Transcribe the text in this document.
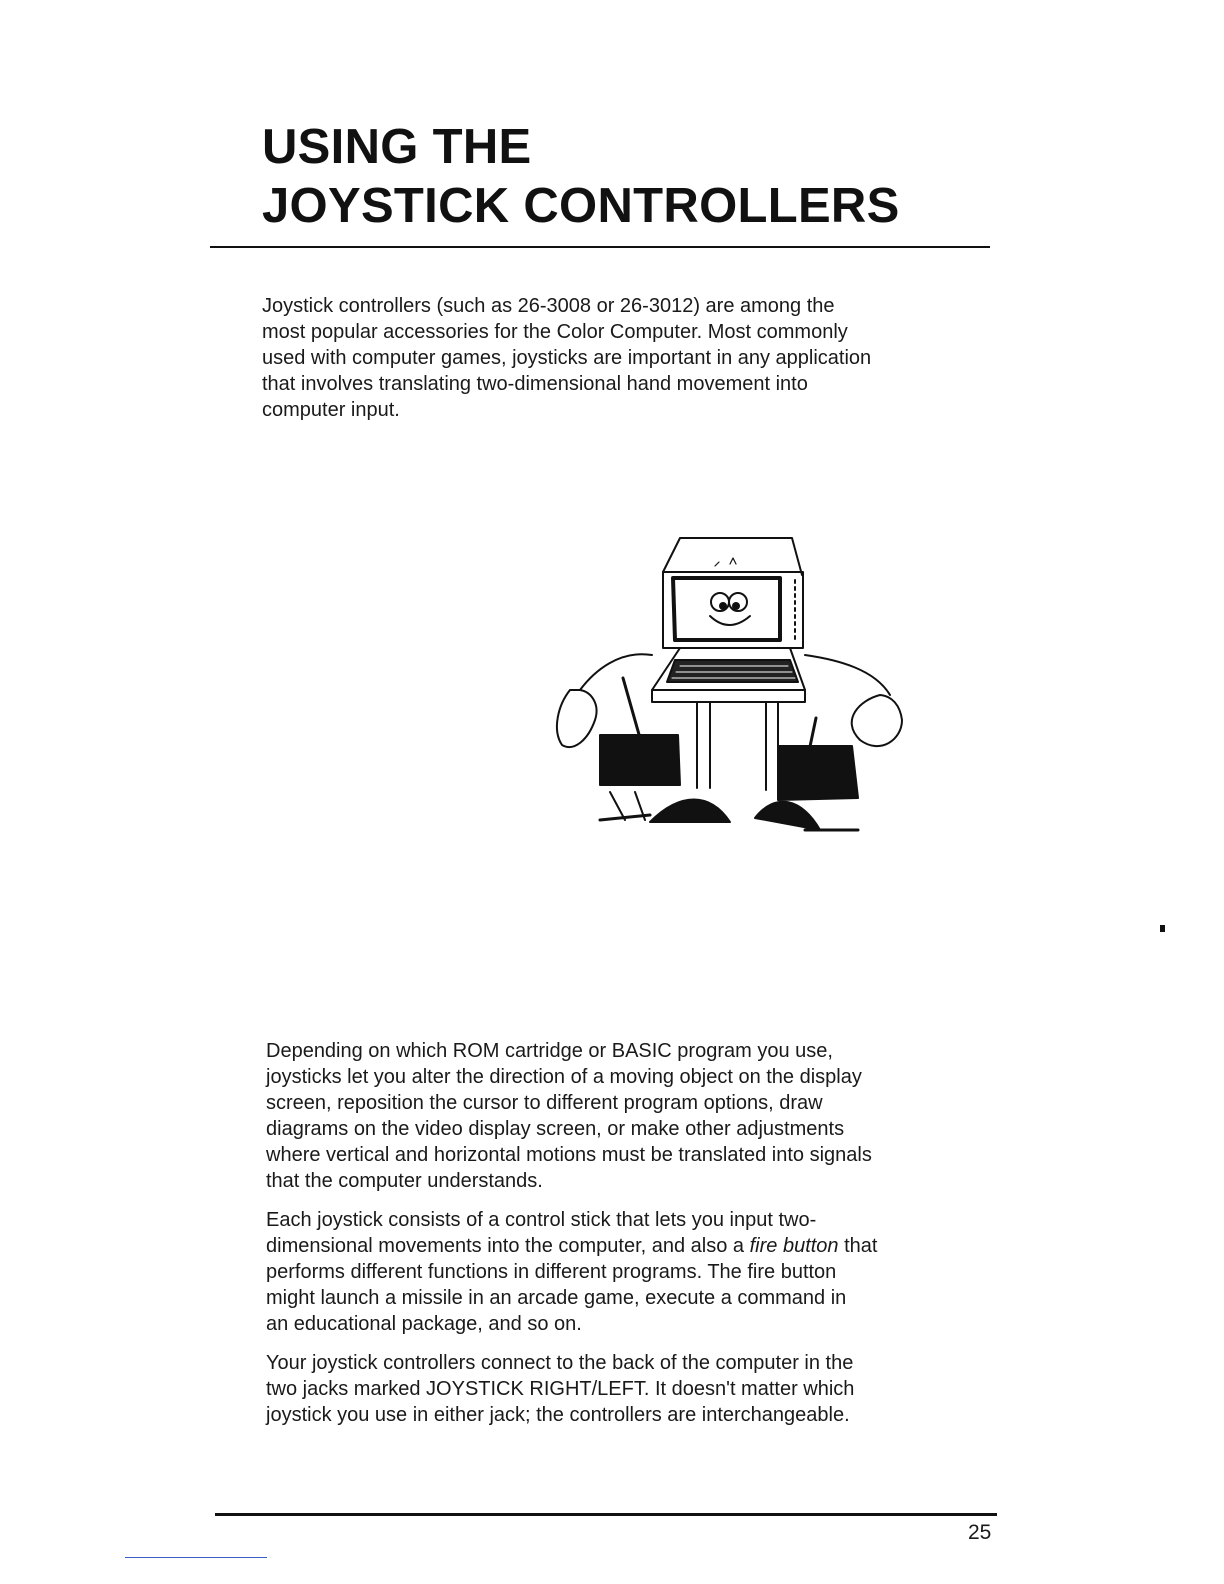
USING THE
JOYSTICK CONTROLLERS

Joystick controllers (such as 26-3008 or 26-3012) are among the
most popular accessories for the Color Computer. Most commonly
used with computer games, joysticks are important in any application
that involves translating two-dimensional hand movement into
computer input.

Depending on which ROM cartridge or BASIC program you use,
joysticks let you alter the direction of a moving object on the display
screen, reposition the cursor to different program options, draw
diagrams on the video display screen, or make other adjustments
where vertical and horizontal motions must be translated into signals
that the computer understands.

Each joystick consists of a control stick that lets you input two-
dimensional movements into the computer, and also a fire button that
performs different functions in different programs. The fire button
might launch a missile in an arcade game, execute a command in
an educational package, and so on.

Your joystick controllers connect to the back of the computer in the
two jacks marked JOYSTICK RIGHT/LEFT. It doesn't matter which
joystick you use in either jack; the controllers are interchangeable.

25
